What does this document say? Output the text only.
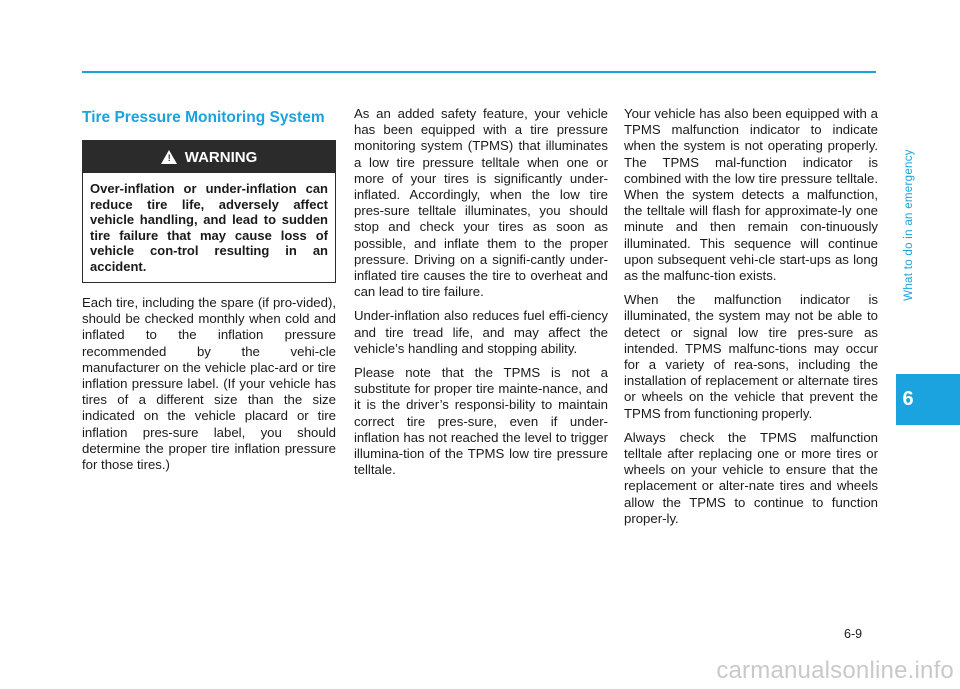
What to do in an emergency
6
Tire Pressure Monitoring System
! WARNING
Over-inflation or under-inflation can reduce tire life, adversely affect vehicle handling, and lead to sudden tire failure that may cause loss of vehicle con-trol resulting in an accident.

Each tire, including the spare (if pro-vided), should be checked monthly when cold and inflated to the inflation pressure recommended by the vehi-cle manufacturer on the vehicle plac-ard or tire inflation pressure label. (If your vehicle has tires of a different size than the size indicated on the vehicle placard or tire inflation pres-sure label, you should determine the proper tire inflation pressure for those tires.)

As an added safety feature, your vehicle has been equipped with a tire pressure monitoring system (TPMS) that illuminates a low tire pressure telltale when one or more of your tires is significantly under-inflated. Accordingly, when the low tire pres-sure telltale illuminates, you should stop and check your tires as soon as possible, and inflate them to the proper pressure. Driving on a signifi-cantly under-inflated tire causes the tire to overheat and can lead to tire failure.

Under-inflation also reduces fuel effi-ciency and tire tread life, and may affect the vehicle’s handling and stopping ability.

Please note that the TPMS is not a substitute for proper tire mainte-nance, and it is the driver’s responsi-bility to maintain correct tire pres-sure, even if under-inflation has not reached the level to trigger illumina-tion of the TPMS low tire pressure telltale.

Your vehicle has also been equipped with a TPMS malfunction indicator to indicate when the system is not operating properly. The TPMS mal-function indicator is combined with the low tire pressure telltale. When the system detects a malfunction, the telltale will flash for approximate-ly one minute and then remain con-tinuously illuminated. This sequence will continue upon subsequent vehi-cle start-ups as long as the malfunc-tion exists.

When the malfunction indicator is illuminated, the system may not be able to detect or signal low tire pres-sure as intended. TPMS malfunc-tions may occur for a variety of rea-sons, including the installation of replacement or alternate tires or wheels on the vehicle that prevent the TPMS from functioning properly.

Always check the TPMS malfunction telltale after replacing one or more tires or wheels on your vehicle to ensure that the replacement or alter-nate tires and wheels allow the TPMS to continue to function proper-ly.

6-9
carmanualsonline.info
